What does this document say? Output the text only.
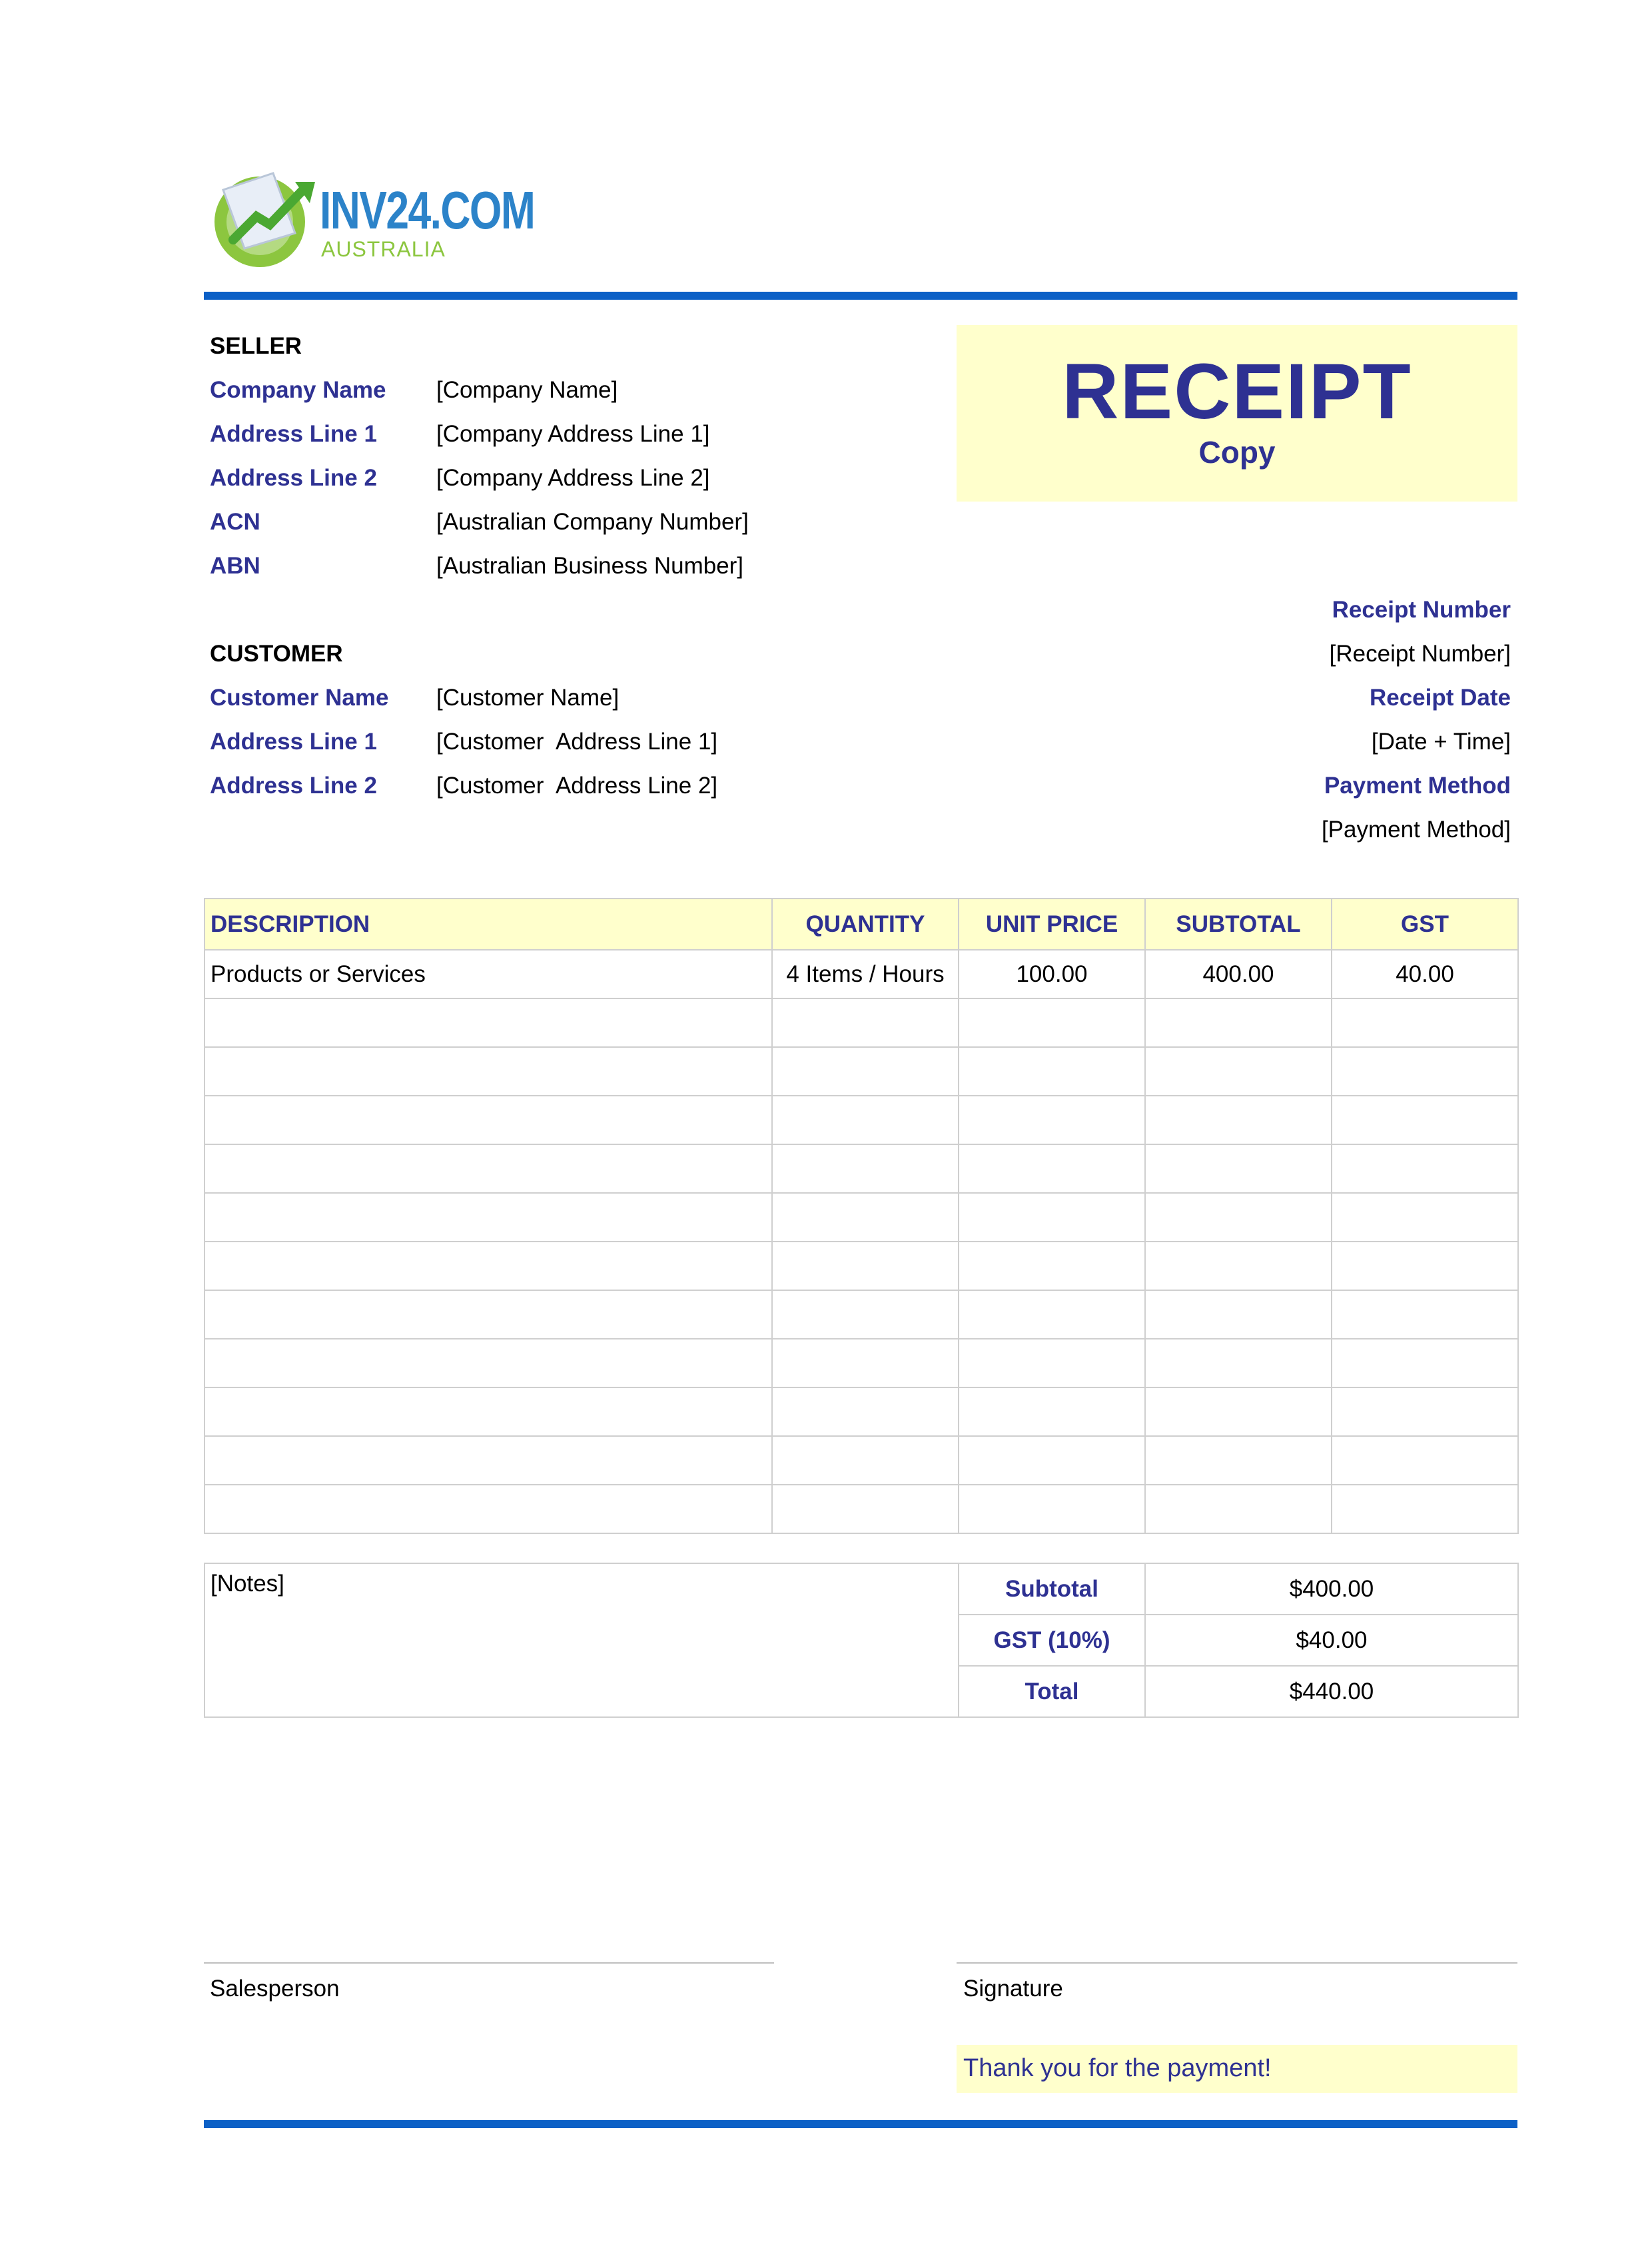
INV24.COM
AUSTRALIA
SELLER
Company Name [Company Name]
Address Line 1	[Company Address Line 1]
Address Line 2	[Company Address Line 2]
ACN	[Australian Company Number]
ABN	[Australian Business Number]
RECEIPT
Copy
Receipt Number
[Receipt Number]
Receipt Date
[Date + Time]
Payment Method
[Payment Method]
CUSTOMER
Customer Name [Customer Name]
Address Line 1	[Customer  Address Line 1]
Address Line 2	[Customer  Address Line 2]
DESCRIPTION	QUANTITY	UNIT PRICE	SUBTOTAL	GST
Products or Services	4 Items / Hours	100.00	400.00	40.00

[Notes]	Subtotal	$400.00
	GST (10%)	$40.00
	Total	$440.00
Salesperson	Signature
Thank you for the payment!
